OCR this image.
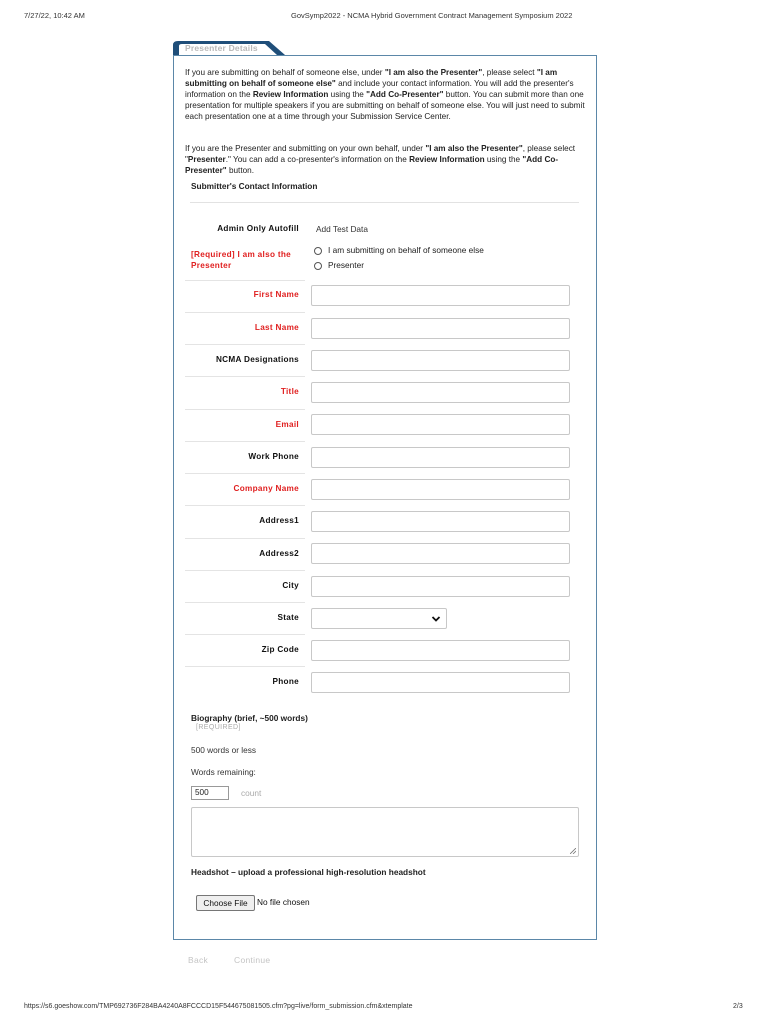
7/27/22, 10:42 AM	GovSymp2022 - NCMA Hybrid Government Contract Management Symposium 2022
Presenter Details

If you are submitting on behalf of someone else, under "I am also the Presenter", please select "I am submitting on behalf of someone else" and include your contact information. You will add the presenter's information on the Review Information using the "Add Co-Presenter" button. You can submit more than one presentation for multiple speakers if you are submitting on behalf of someone else. You will just need to submit each presentation one at a time through your Submission Service Center.

If you are the Presenter and submitting on your own behalf, under "I am also the Presenter", please select "Presenter." You can add a co-presenter's information on the Review Information using the "Add Co-Presenter" button.

Submitter's Contact Information
Admin Only Autofill Add Test Data
[Required] I am also the Presenter
I am submitting on behalf of someone else
Presenter
First Name
Last Name
NCMA Designations
Title
Email
Work Phone
Company Name
Address1
Address2
City
State
Zip Code
Phone
Biography (brief, ~500 words)
[REQUIRED]
500 words or less
Words remaining:
500	count
Headshot – upload a professional high-resolution headshot
Choose File	No file chosen
Back	Continue
https://s6.goeshow.com/TMP692736F284BA4240A8FCCCD15F544675081505.cfm?pg=live/form_submission.cfm&xtemplate	2/3
